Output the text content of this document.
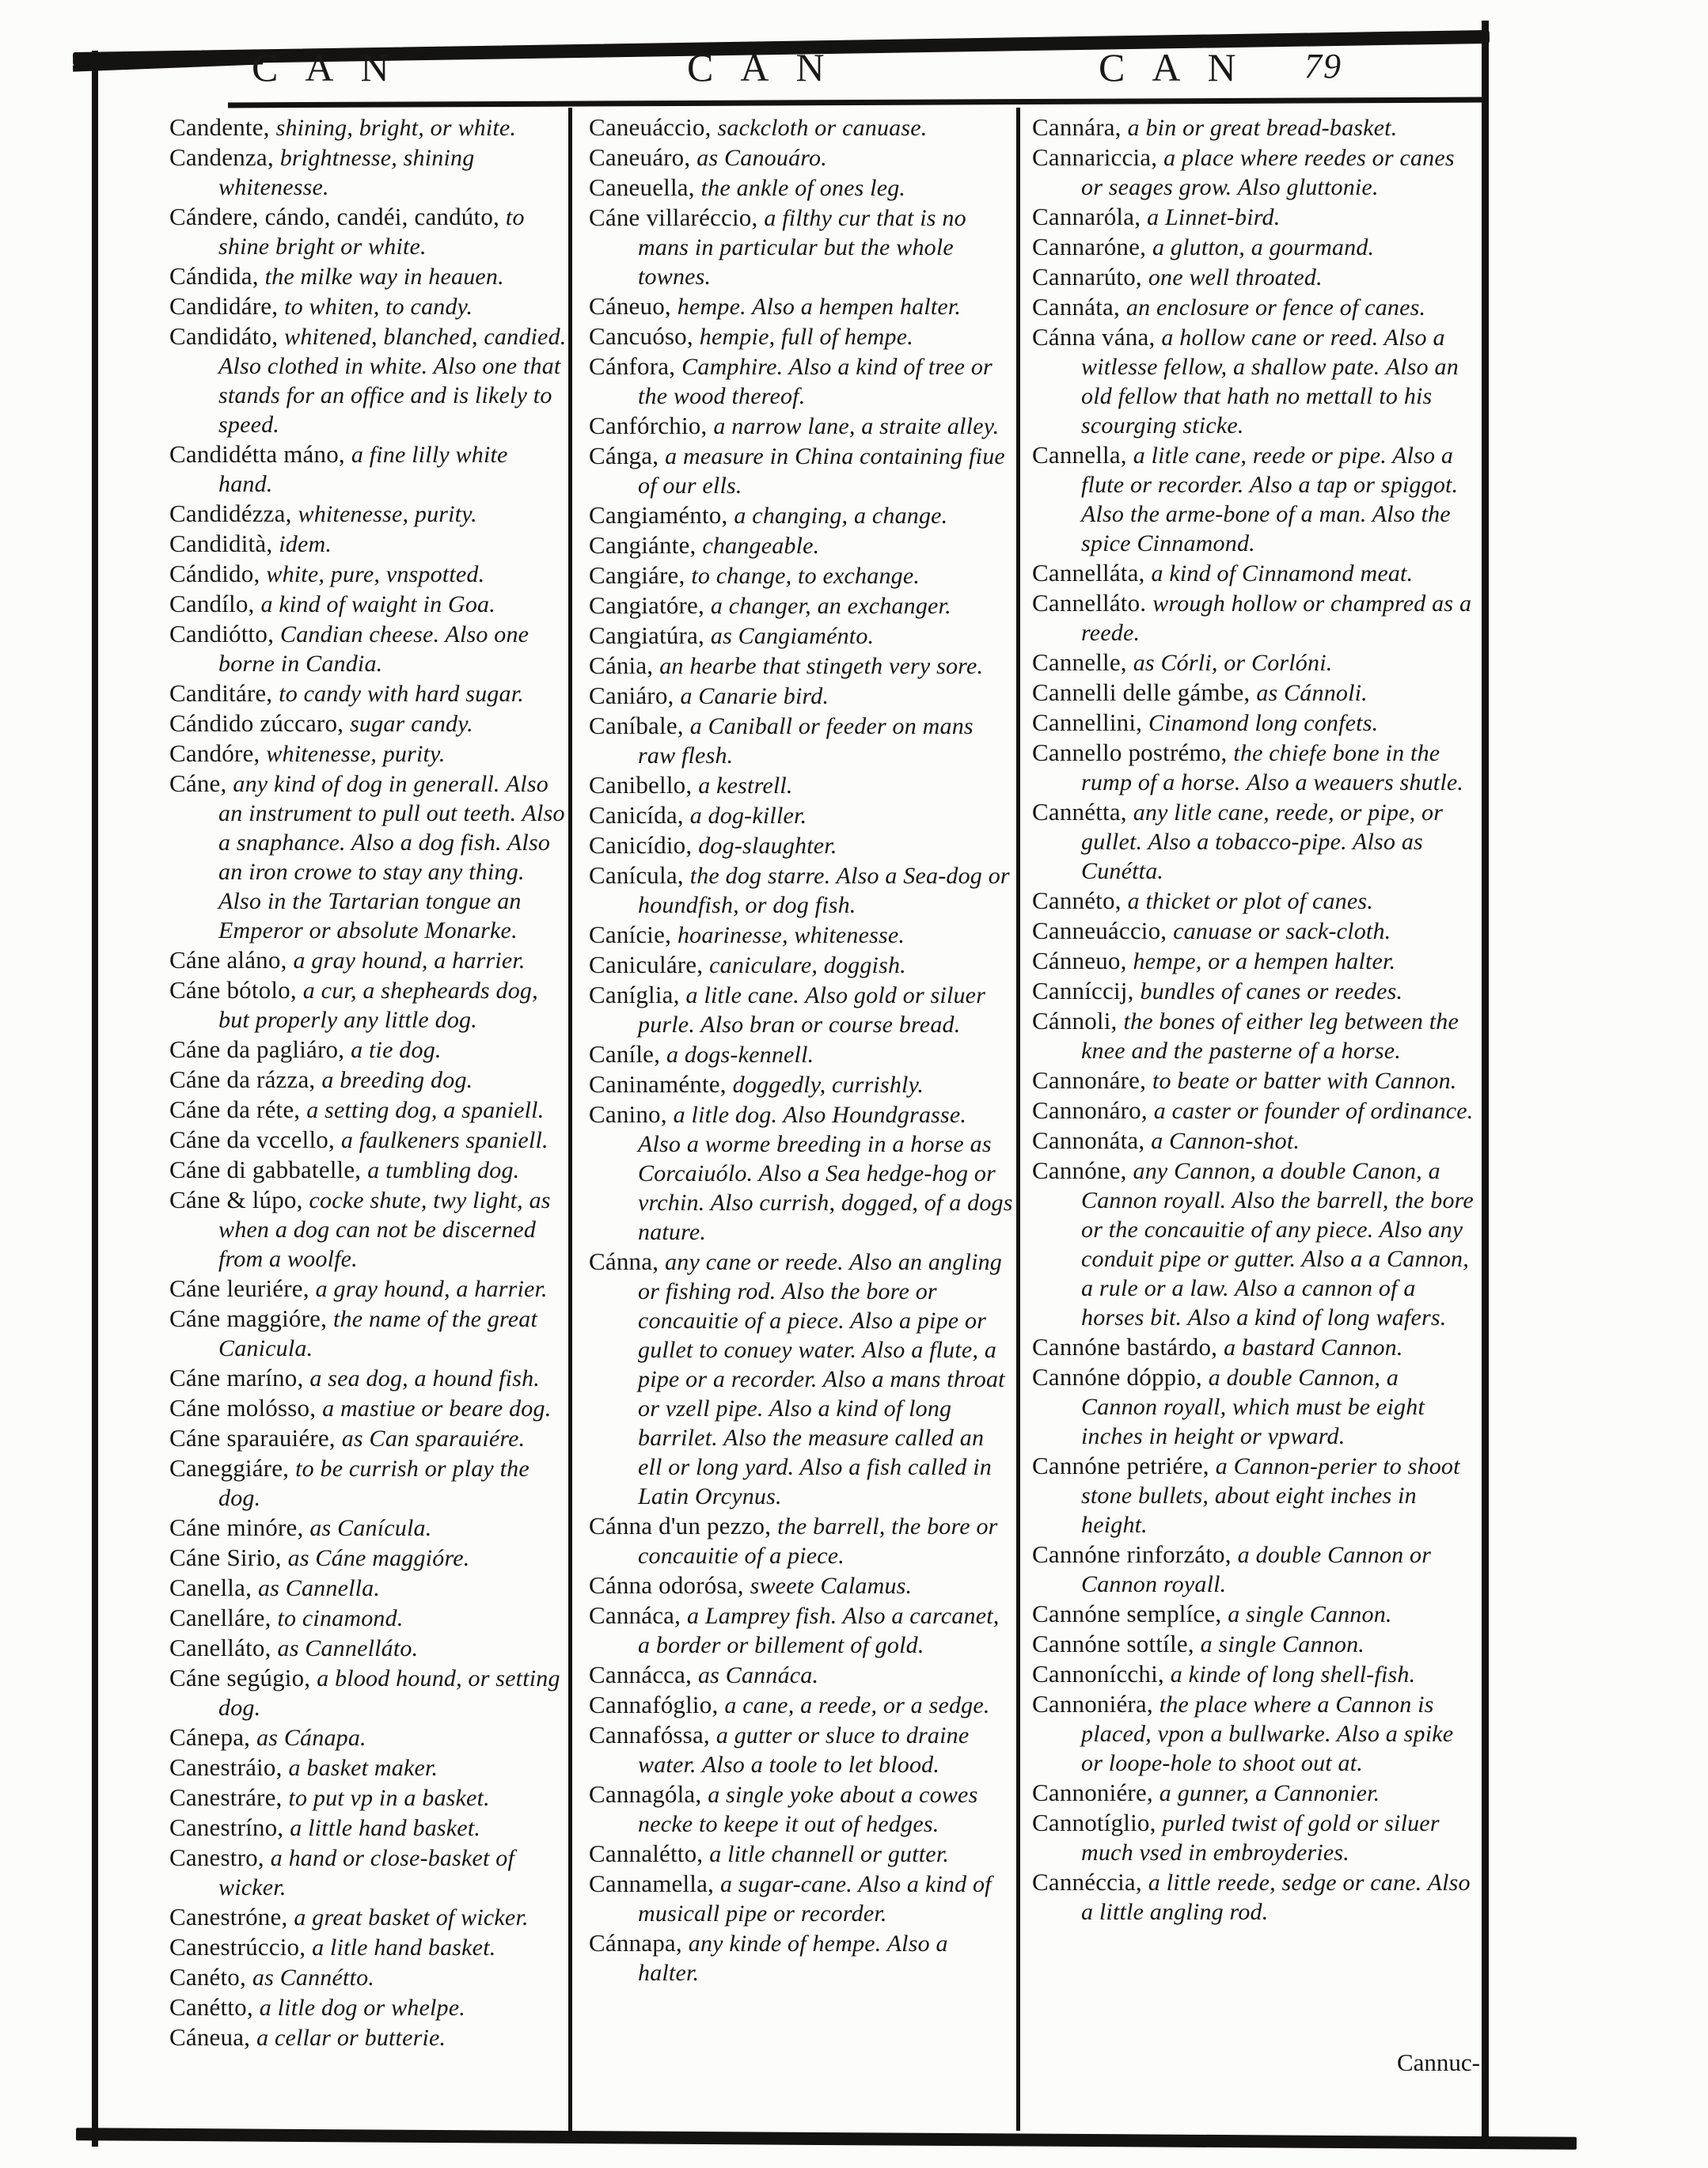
CAN	CAN	CAN 79

Candente, shining, bright, or white.

Candenza, brightnesse, shining whitenesse.

Cándere, cándo, candéi, candúto, to shine bright or white.

Cándida, the milke way in heauen.

Candidáre, to whiten, to candy.

Candidáto, whitened, blanched, candied. Also clothed in white. Also one that stands for an office and is likely to speed.

Candidétta máno, a fine lilly white hand.

Candidézza, whitenesse, purity.

Candidità, idem.

Cándido, white, pure, vnspotted.

Candílo, a kind of waight in Goa.

Candiótto, Candian cheese. Also one borne in Candia.

Canditáre, to candy with hard sugar.

Cándido zúccaro, sugar candy.

Candóre, whitenesse, purity.

Cáne, any kind of dog in generall. Also an instrument to pull out teeth. Also a snaphance. Also a dog fish. Also an iron crowe to stay any thing. Also in the Tartarian tongue an Emperor or absolute Monarke.

Cáne aláno, a gray hound, a harrier.

Cáne bótolo, a cur, a shepheards dog, but properly any little dog.

Cáne da pagliáro, a tie dog.

Cáne da rázza, a breeding dog.

Cáne da réte, a setting dog, a spaniell.

Cáne da vccello, a faulkeners spaniell.

Cáne di gabbatelle, a tumbling dog.

Cáne & lúpo, cocke shute, twy light, as when a dog can not be discerned from a woolfe.

Cáne leuriére, a gray hound, a harrier.

Cáne maggióre, the name of the great Canicula.

Cáne maríno, a sea dog, a hound fish.

Cáne molósso, a mastiue or beare dog.

Cáne sparauiére, as Can sparauiére.

Caneggiáre, to be currish or play the dog.

Cáne minóre, as Canícula.

Cáne Sirio, as Cáne maggióre.

Canella, as Cannella.

Canelláre, to cinamond.

Canelláto, as Cannelláto.

Cáne segúgio, a blood hound, or setting dog.

Cánepa, as Cánapa.

Canestráio, a basket maker.

Canestráre, to put vp in a basket.

Canestríno, a little hand basket.

Canestro, a hand or close-basket of wicker.

Canestróne, a great basket of wicker.

Canestrúccio, a litle hand basket.

Canéto, as Cannétto.

Canétto, a litle dog or whelpe.

Cáneua, a cellar or butterie.

Caneuáccio, sackcloth or canuase.

Caneuáro, as Canouáro.

Caneuella, the ankle of ones leg.

Cáne villaréccio, a filthy cur that is no mans in particular but the whole townes.

Cáneuo, hempe. Also a hempen halter.

Cancuóso, hempie, full of hempe.

Cánfora, Camphire. Also a kind of tree or the wood thereof.

Canfórchio, a narrow lane, a straite alley.

Cánga, a measure in China containing fiue of our ells.

Cangiaménto, a changing, a change.

Cangiánte, changeable.

Cangiáre, to change, to exchange.

Cangiatóre, a changer, an exchanger.

Cangiatúra, as Cangiaménto.

Cánia, an hearbe that stingeth very sore.

Caniáro, a Canarie bird.

Caníbale, a Caniball or feeder on mans raw flesh.

Canibello, a kestrell.

Canicída, a dog-killer.

Canicídio, dog-slaughter.

Canícula, the dog starre. Also a Sea-dog or houndfish, or dog fish.

Canície, hoarinesse, whitenesse.

Caniculáre, caniculare, doggish.

Caníglia, a litle cane. Also gold or siluer purle. Also bran or course bread.

Caníle, a dogs-kennell.

Caninaménte, doggedly, currishly.

Canino, a litle dog. Also Houndgrasse. Also a worme breeding in a horse as Corcaiuólo. Also a Sea hedge-hog or vrchin. Also currish, dogged, of a dogs nature.

Cánna, any cane or reede. Also an angling or fishing rod. Also the bore or concauitie of a piece. Also a pipe or gullet to conuey water. Also a flute, a pipe or a recorder. Also a mans throat or vzell pipe. Also a kind of long barrilet. Also the measure called an ell or long yard. Also a fish called in Latin Orcynus.

Cánna d'un pezzo, the barrell, the bore or concauitie of a piece.

Cánna odorósa, sweete Calamus.

Cannáca, a Lamprey fish. Also a carcanet, a border or billement of gold.

Cannácca, as Cannáca.

Cannafóglio, a cane, a reede, or a sedge.

Cannafóssa, a gutter or sluce to draine water. Also a toole to let blood.

Cannagóla, a single yoke about a cowes necke to keepe it out of hedges.

Cannalétto, a litle channell or gutter.

Cannamella, a sugar-cane. Also a kind of musicall pipe or recorder.

Cánnapa, any kinde of hempe. Also a halter.

Cannára, a bin or great bread-basket.

Cannariccia, a place where reedes or canes or seages grow. Also gluttonie.

Cannaróla, a Linnet-bird.

Cannaróne, a glutton, a gourmand.

Cannarúto, one well throated.

Cannáta, an enclosure or fence of canes.

Cánna vána, a hollow cane or reed. Also a witlesse fellow, a shallow pate. Also an old fellow that hath no mettall to his scourging sticke.

Cannella, a litle cane, reede or pipe. Also a flute or recorder. Also a tap or spiggot. Also the arme-bone of a man. Also the spice Cinnamond.

Cannelláta, a kind of Cinnamond meat.

Cannelláto. wrough hollow or champred as a reede.

Cannelle, as Córli, or Corlóni.

Cannelli delle gámbe, as Cánnoli.

Cannellini, Cinamond long confets.

Cannello postrémo, the chiefe bone in the rump of a horse. Also a weauers shutle.

Cannétta, any litle cane, reede, or pipe, or gullet. Also a tobacco-pipe. Also as Cunétta.

Cannéto, a thicket or plot of canes.

Canneuáccio, canuase or sack-cloth.

Cánneuo, hempe, or a hempen halter.

Canníccij, bundles of canes or reedes.

Cánnoli, the bones of either leg between the knee and the pasterne of a horse.

Cannonáre, to beate or batter with Cannon.

Cannonáro, a caster or founder of ordinance.

Cannonáta, a Cannon-shot.

Cannóne, any Cannon, a double Canon, a Cannon royall. Also the barrell, the bore or the concauitie of any piece. Also any conduit pipe or gutter. Also a a Cannon, a rule or a law. Also a cannon of a horses bit. Also a kind of long wafers.

Cannóne bastárdo, a bastard Cannon.

Cannóne dóppio, a double Cannon, a Cannon royall, which must be eight inches in height or vpward.

Cannóne petriére, a Cannon-perier to shoot stone bullets, about eight inches in height.

Cannóne rinforzáto, a double Cannon or Cannon royall.

Cannóne semplíce, a single Cannon.

Cannóne sottíle, a single Cannon.

Cannonícchi, a kinde of long shell-fish.

Cannoniéra, the place where a Cannon is placed, vpon a bullwarke. Also a spike or loope-hole to shoot out at.

Cannoniére, a gunner, a Cannonier.

Cannotíglio, purled twist of gold or siluer much vsed in embroyderies.

Cannéccia, a little reede, sedge or cane. Also a little angling rod.

Cannuc-
